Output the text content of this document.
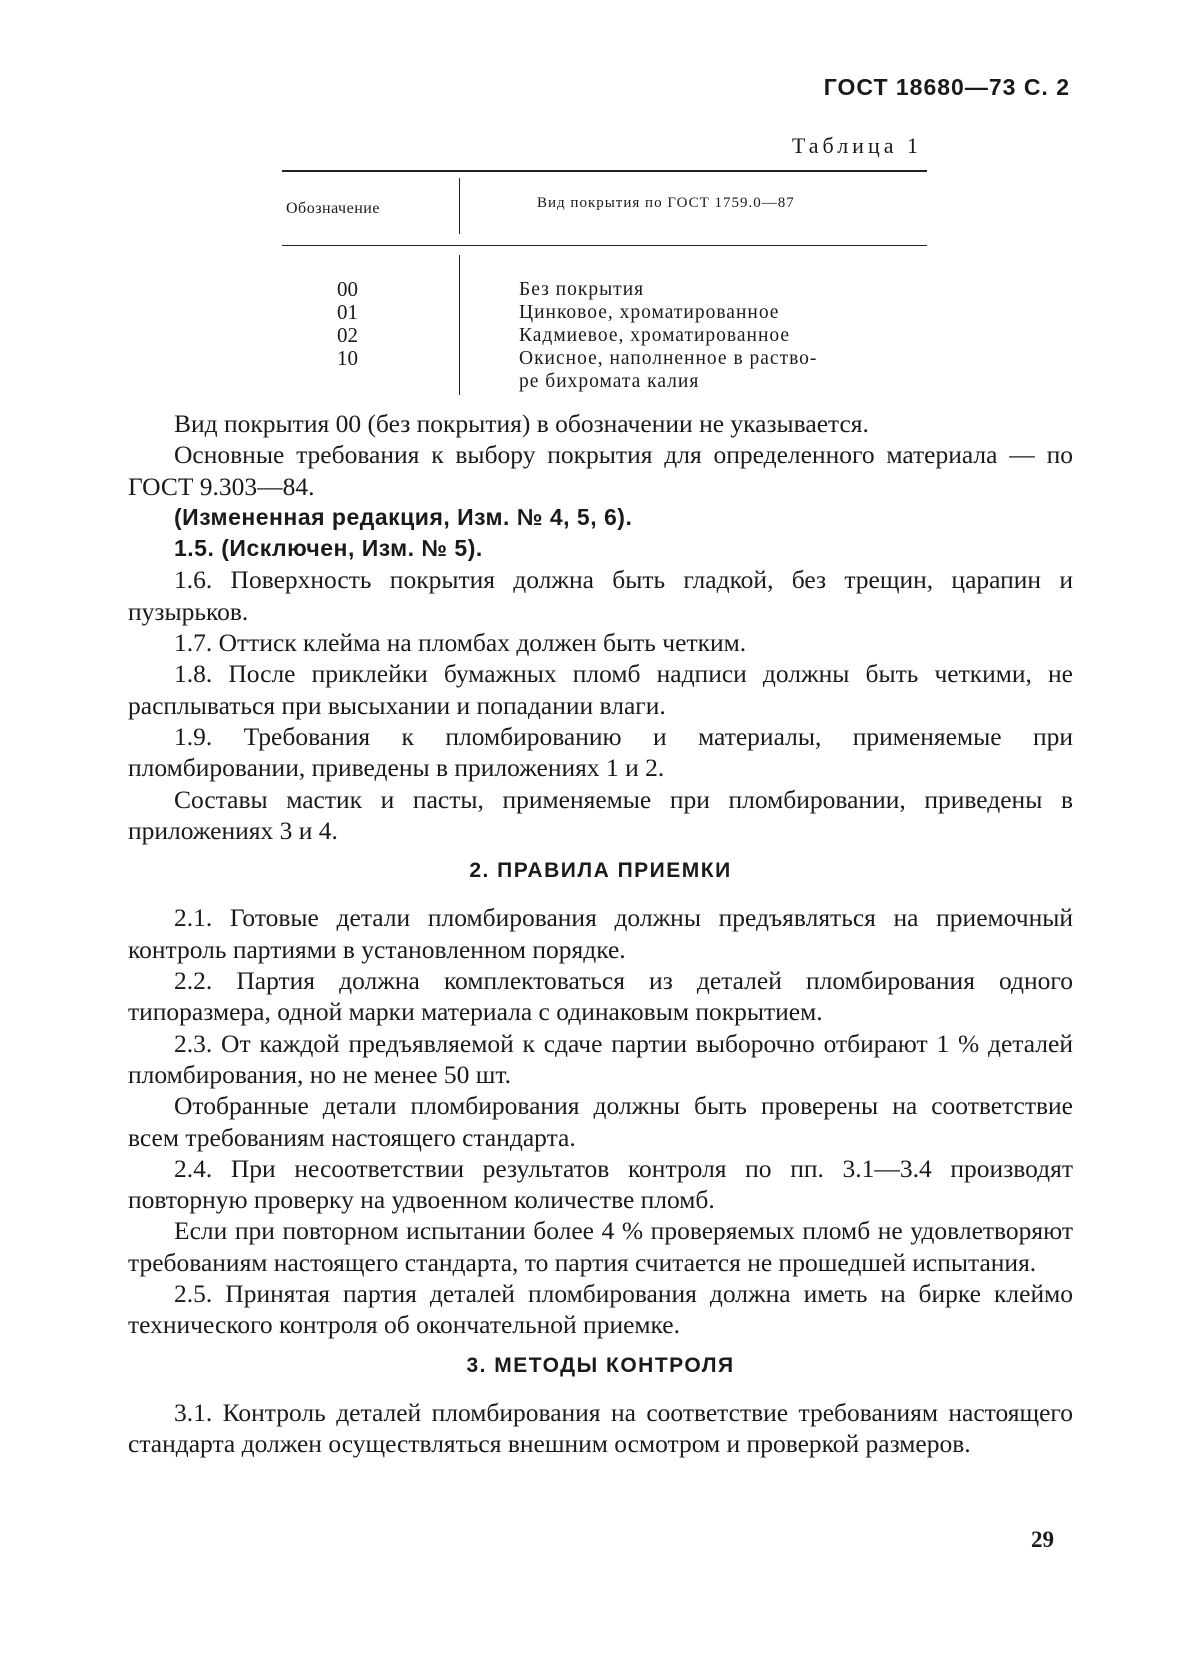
ГОСТ 18680—73 С. 2
Таблица 1
Обозначение	Вид покрытия по ГОСТ 1759.0—87
00
01
02
10
Без покрытия
Цинковое, хроматированное
Кадмиевое, хроматированное
Окисное, наполненное в раство-
ре бихромата калия

Вид покрытия 00 (без покрытия) в обозначении не указывается.

Основные требования к выбору покрытия для определенного материала — по ГОСТ 9.303—84.

(Измененная редакция, Изм. № 4, 5, 6).

1.5. (Исключен, Изм. № 5).

1.6. Поверхность покрытия должна быть гладкой, без трещин, царапин и пузырьков.

1.7. Оттиск клейма на пломбах должен быть четким.

1.8. После приклейки бумажных пломб надписи должны быть четкими, не расплываться при высыхании и попадании влаги.

1.9. Требования к пломбированию и материалы, применяемые при пломбировании, приведены в приложениях 1 и 2.

Составы мастик и пасты, применяемые при пломбировании, приведены в приложениях 3 и 4.

2. ПРАВИЛА ПРИЕМКИ

2.1. Готовые детали пломбирования должны предъявляться на приемочный контроль партиями в установленном порядке.

2.2. Партия должна комплектоваться из деталей пломбирования одного типоразмера, одной марки материала с одинаковым покрытием.

2.3. От каждой предъявляемой к сдаче партии выборочно отбирают 1 % деталей пломбирования, но не менее 50 шт.

Отобранные детали пломбирования должны быть проверены на соответствие всем требованиям настоящего стандарта.

2.4. При несоответствии результатов контроля по пп. 3.1—3.4 производят повторную проверку на удвоенном количестве пломб.

Если при повторном испытании более 4 % проверяемых пломб не удовлетворяют требованиям настоящего стандарта, то партия считается не прошедшей испытания.

2.5. Принятая партия деталей пломбирования должна иметь на бирке клеймо технического контроля об окончательной приемке.

3. МЕТОДЫ КОНТРОЛЯ

3.1. Контроль деталей пломбирования на соответствие требованиям настоящего стандарта должен осуществляться внешним осмотром и проверкой размеров.

29
